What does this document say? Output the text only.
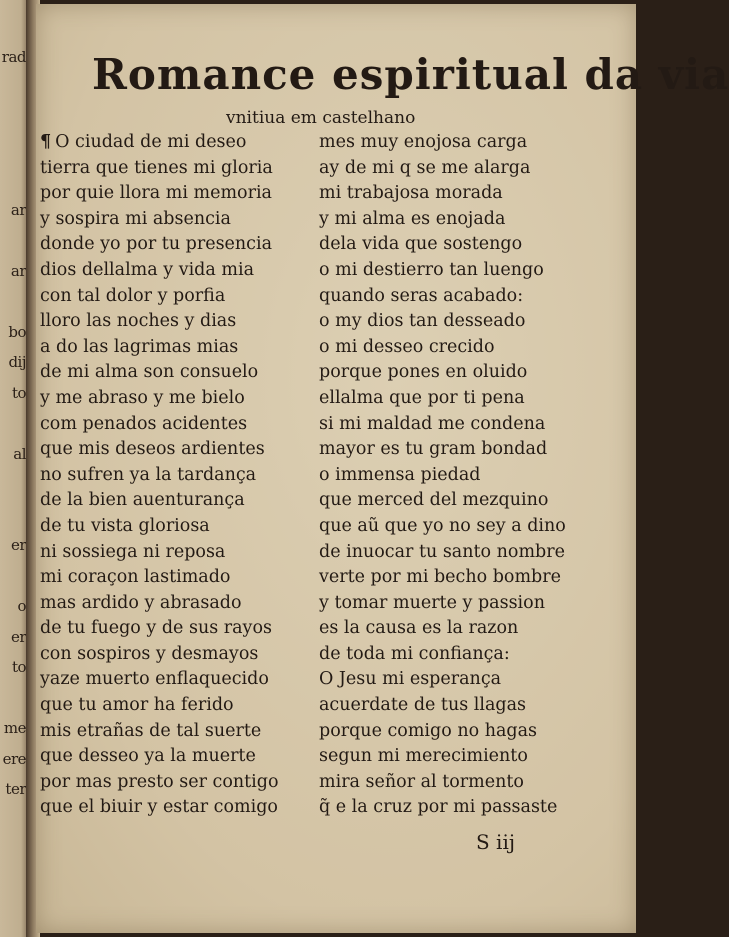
rad
ar
ar
bo
dij
to
al
er
o
er
to
me
ere
ter
Romance espiritual da via
vnitiua em castelhano
¶ O ciudad de mi deseo
tierra que tienes mi gloria
por quie llora mi memoria
y sospira mi absencia
donde yo por tu presencia
dios dellalma y vida mia
con tal dolor y porfia
lloro las noches y dias
a do las lagrimas mias
de mi alma son consuelo
y me abraso y me bielo
com penados acidentes
que mis deseos ardientes
no sufren ya la tardança
de la bien auenturança
de tu vista gloriosa
ni sossiega ni reposa
mi coraçon lastimado
mas ardido y abrasado
de tu fuego y de sus rayos
con sospiros y desmayos
yaze muerto enflaquecido
que tu amor ha ferido
mis etrañas de tal suerte
que desseo ya la muerte
por mas presto ser contigo
que el biuir y estar comigo
mes muy enojosa carga
ay de mi q se me alarga
mi trabajosa morada
y mi alma es enojada
dela vida que sostengo
o mi destierro tan luengo
quando seras acabado:
o my dios tan desseado
o mi desseo crecido
porque pones en oluido
ellalma que por ti pena
si mi maldad me condena
mayor es tu gram bondad
o immensa piedad
que merced del mezquino
que aũ que yo no sey a dino
de inuocar tu santo nombre
verte por mi becho bombre
y tomar muerte y passion
es la causa es la razon
de toda mi confiança:
O Jesu mi esperança
acuerdate de tus llagas
porque comigo no hagas
segun mi merecimiento
mira señor al tormento
q̃ e la cruz por mi passaste
S iij
